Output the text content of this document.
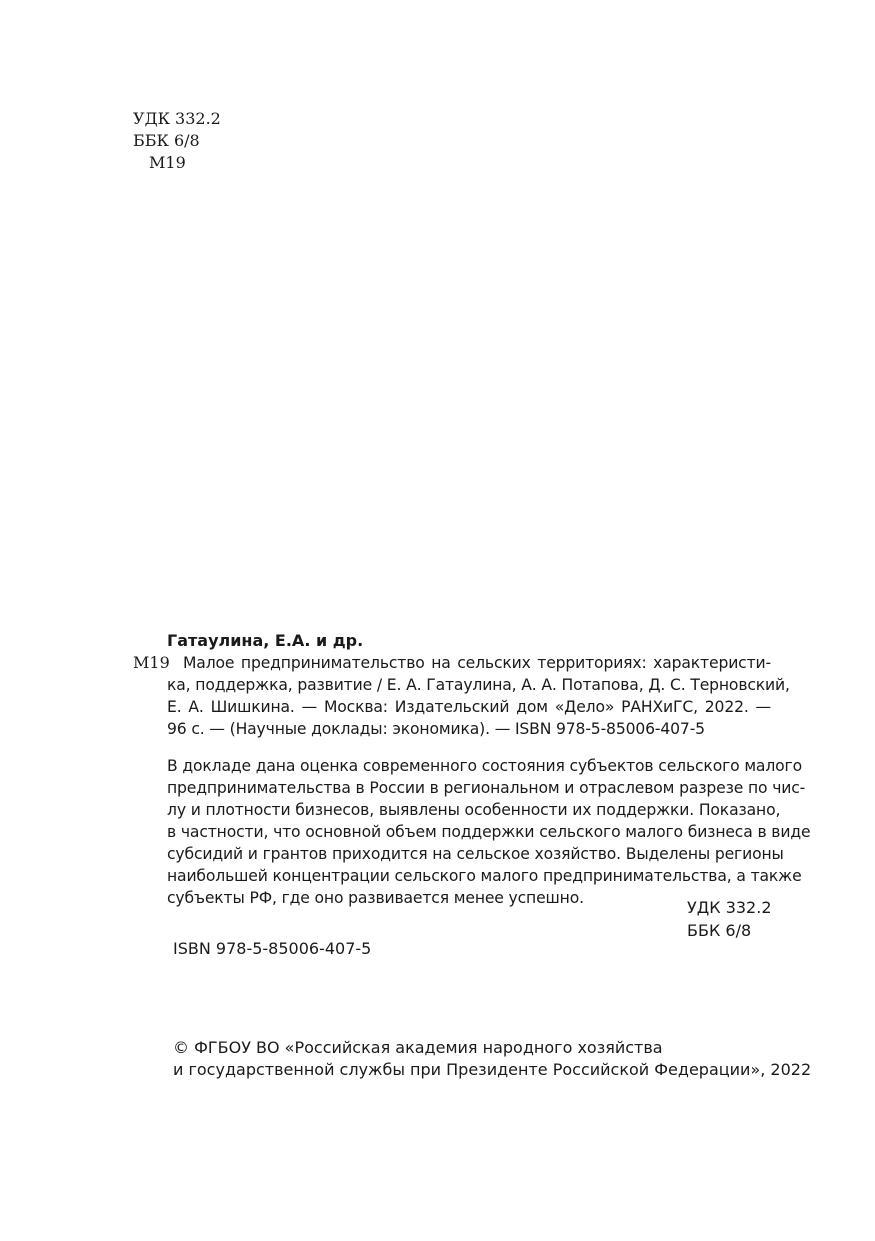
УДК 332.2
ББК 6/8
М19
Гатаулина, Е.А. и др.
М19 Малое предпринимательство на сельских территориях: характеристи-
ка, поддержка, развитие / Е. А. Гатаулина, А. А. Потапова, Д. С. Терновский,
Е. А. Шишкина. — Москва: Издательский дом «Дело» РАНХиГС, 2022. —
96 с. — (Научные доклады: экономика). — ISBN 978-5-85006-407-5
В докладе дана оценка современного состояния субъектов сельского малого
предпринимательства в России в региональном и отраслевом разрезе по чис-
лу и плотности бизнесов, выявлены особенности их поддержки. Показано,
в частности, что основной объем поддержки сельского малого бизнеса в виде
субсидий и грантов приходится на сельское хозяйство. Выделены регионы
наибольшей концентрации сельского малого предпринимательства, а также
субъекты РФ, где оно развивается менее успешно.	УДК 332.2
ББК 6/8
ISBN 978-5-85006-407-5
© ФГБОУ ВО «Российская академия народного хозяйства
и государственной службы при Президенте Российской Федерации», 2022
